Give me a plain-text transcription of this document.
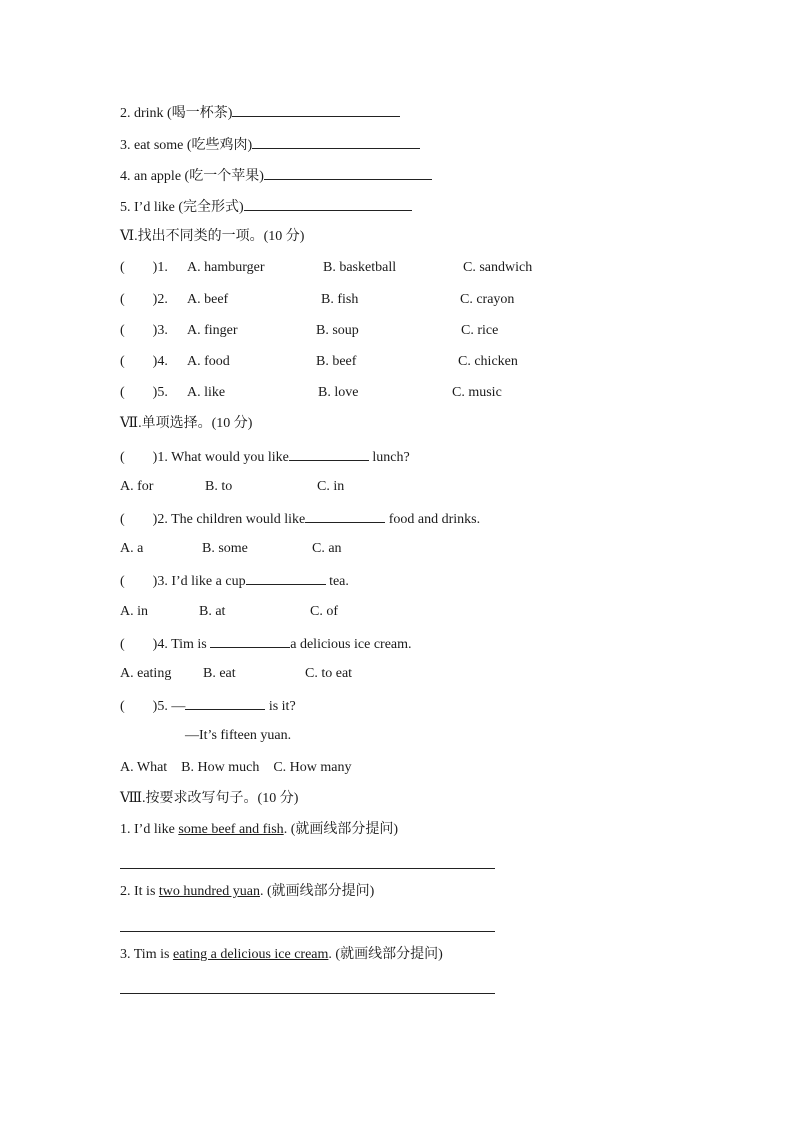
2. drink (喝一杯茶)
3. eat some (吃些鸡肉)
4. an apple (吃一个苹果)
5. I’d like (完全形式)
Ⅵ.找出不同类的一项。(10 分)
(　　)1. A. hamburger	B. basketball	C. sandwich
(　　)2. A. beef	B. fish	C. crayon
(　　)3. A. finger	B. soup	C. rice
(　　)4. A. food	B. beef	C. chicken
(　　)5. A. like	B. love	C. music
Ⅶ.单项选择。(10 分)
(　　)1. What would you like	lunch?
A. for	B. to	C. in
(　　)2. The children would like	food and drinks.
A. a	B. some	C. an
(　　)3. I’d like a cup	tea.
A. in	B. at	C. of
(　　)4. Tim is	a delicious ice cream.
A. eating B. eat	C. to eat
(　　)5. —	is it?
—It’s fifteen yuan.
A. What    B. How much    C. How many
Ⅷ.按要求改写句子。(10 分)
1. I’d like some beef and fish. (就画线部分提问)
2. It is two hundred yuan. (就画线部分提问)
3. Tim is eating a delicious ice cream. (就画线部分提问)
